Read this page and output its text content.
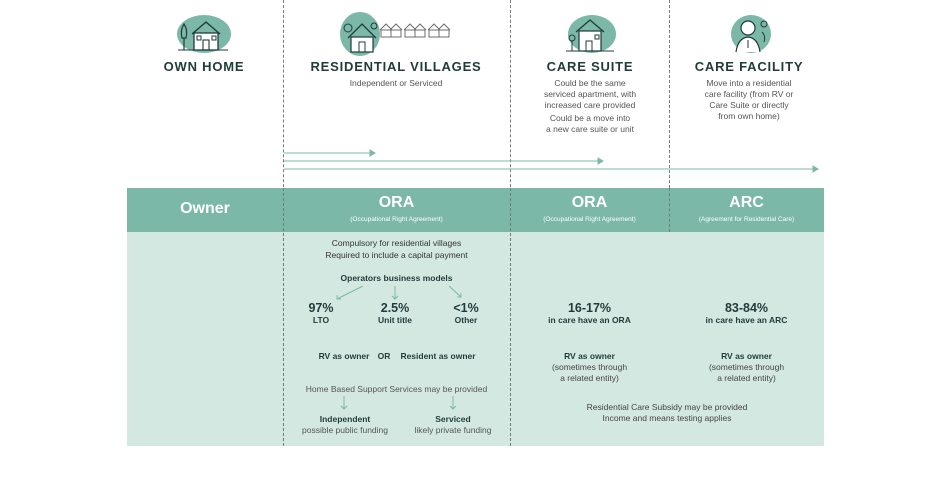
OWN HOME	RESIDENTIAL VILLAGES
Independent or Serviced
CARE SUITE
Could be the same
serviced apartment, with
increased care provided
Could be a move into
a new care suite or unit
CARE FACILITY
Move into a residential
care facility (from RV or
Care Suite or directly
from own home)
Owner	ORA
(Occupational Right Agreement)
ORA
(Occupational Right Agreement)
ARC
(Agreement for Residential Care)
Compulsory for residential villages
Required to include a capital payment
Operators business models
97%
LTO
2.5%
Unit title
<1%
Other
RV as owner OR	Resident as owner
Home Based Support Services may be provided
Independent
possible public funding
Serviced
likely private funding
16-17%
in care have an ORA
RV as owner
(sometimes through
a related entity)
83-84%
in care have an ARC
RV as owner
(sometimes through
a related entity)
Residential Care Subsidy may be provided
Income and means testing applies
